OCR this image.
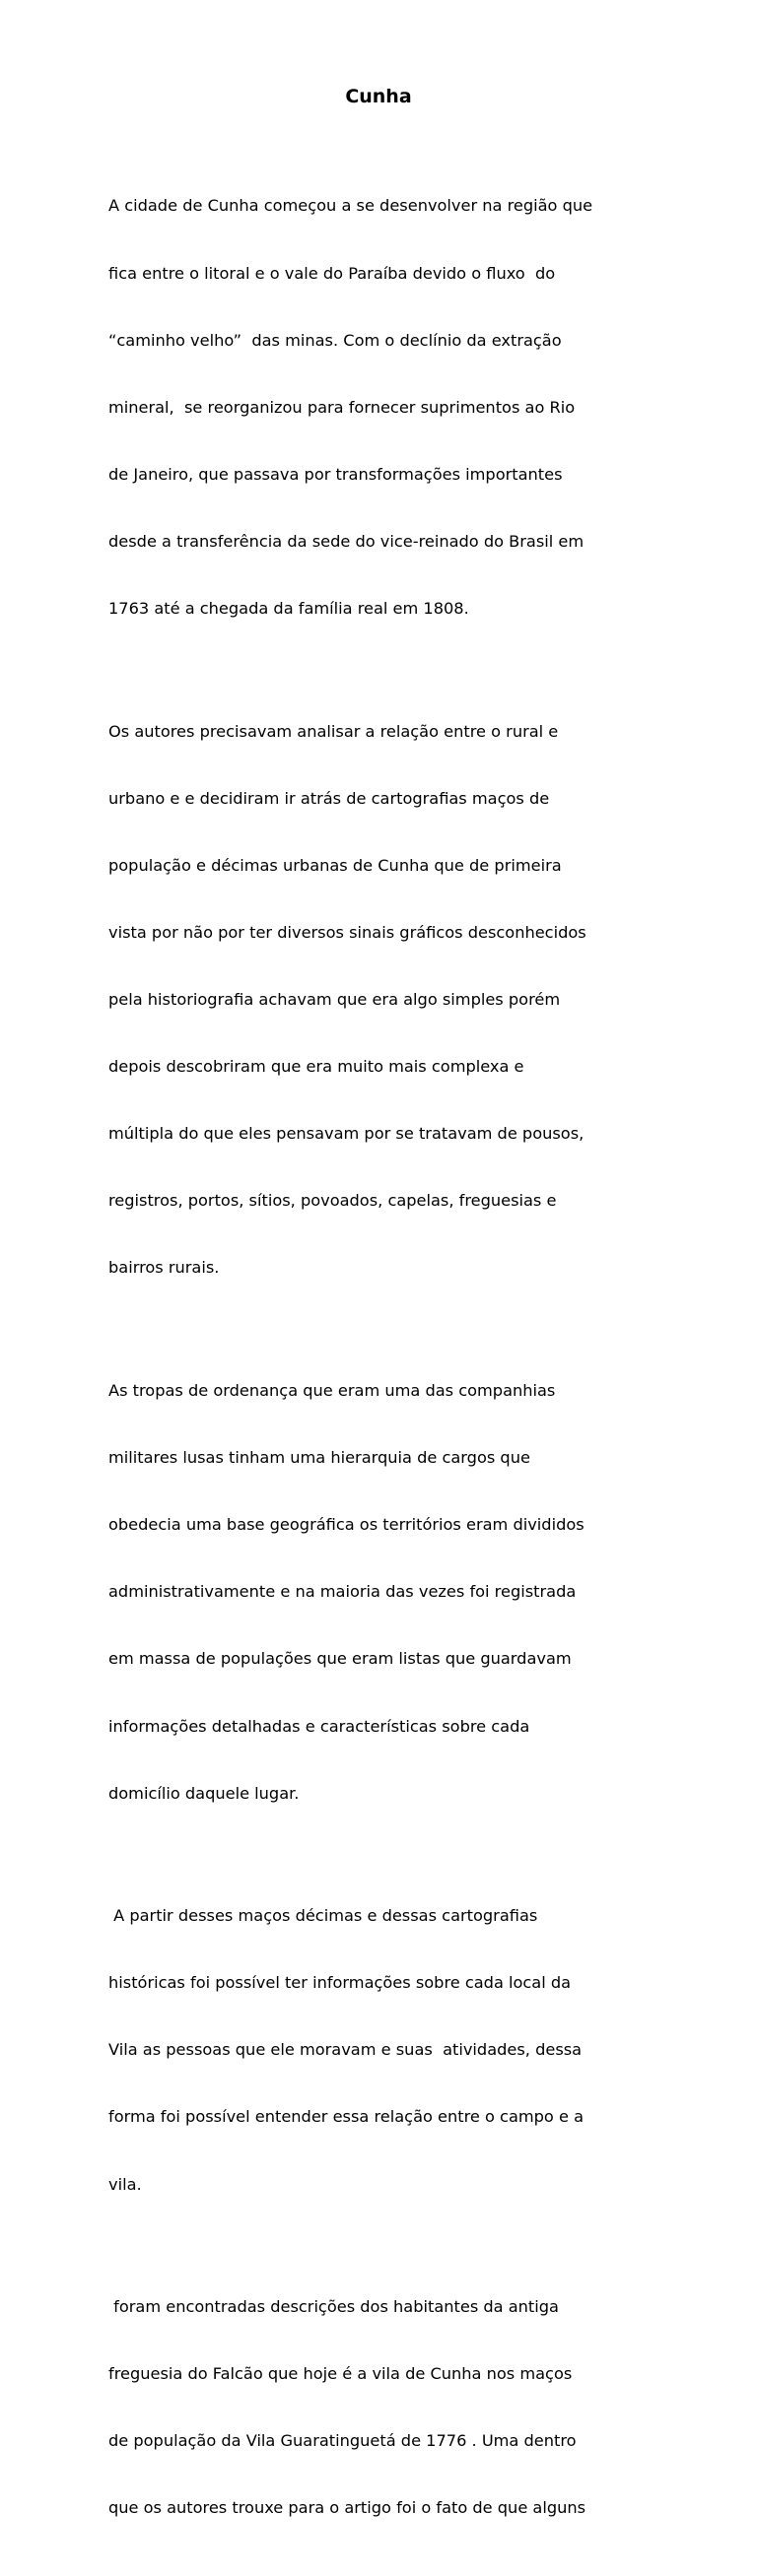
Cunha

A cidade de Cunha começou a se desenvolver na região que

fica entre o litoral e o vale do Paraíba devido o fluxo  do

“caminho velho”  das minas. Com o declínio da extração

mineral,  se reorganizou para fornecer suprimentos ao Rio

de Janeiro, que passava por transformações importantes

desde a transferência da sede do vice-reinado do Brasil em

1763 até a chegada da família real em 1808.

Os autores precisavam analisar a relação entre o rural e

urbano e e decidiram ir atrás de cartografias maços de

população e décimas urbanas de Cunha que de primeira

vista por não por ter diversos sinais gráficos desconhecidos

pela historiografia achavam que era algo simples porém

depois descobriram que era muito mais complexa e

múltipla do que eles pensavam por se tratavam de pousos,

registros, portos, sítios, povoados, capelas, freguesias e

bairros rurais.

As tropas de ordenança que eram uma das companhias

militares lusas tinham uma hierarquia de cargos que

obedecia uma base geográfica os territórios eram divididos

administrativamente e na maioria das vezes foi registrada

em massa de populações que eram listas que guardavam

informações detalhadas e características sobre cada

domicílio daquele lugar.

A partir desses maços décimas e dessas cartografias

históricas foi possível ter informações sobre cada local da

Vila as pessoas que ele moravam e suas  atividades, dessa

forma foi possível entender essa relação entre o campo e a

vila.

foram encontradas descrições dos habitantes da antiga

freguesia do Falcão que hoje é a vila de Cunha nos maços

de população da Vila Guaratinguetá de 1776 . Uma dentro

que os autores trouxe para o artigo foi o fato de que alguns
